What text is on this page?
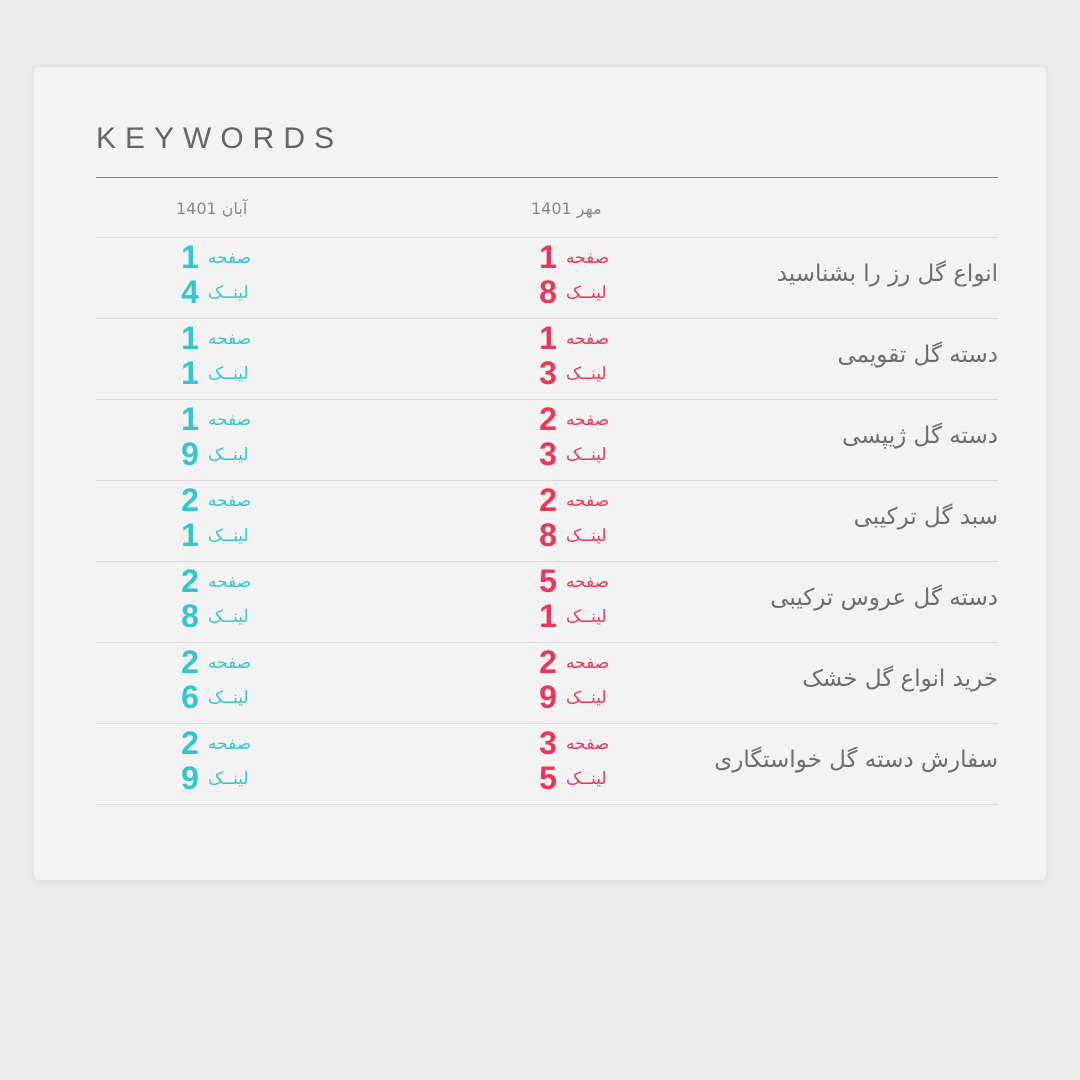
KEYWORDS
مهر 1401
آبان 1401
انواع گل رز را بشناسید
1 صفحه
8 لینــک
1 صفحه
4 لینــک
دسته گل تقویمی
1 صفحه
3 لینــک
1 صفحه
1 لینــک
دسته گل ژیپسی
2 صفحه
3 لینــک
1 صفحه
9 لینــک
سبد گل ترکیبی
2 صفحه
8 لینــک
2 صفحه
1 لینــک
دسته گل عروس ترکیبی
5 صفحه
1 لینــک
2 صفحه
8 لینــک
خرید انواع گل خشک
2 صفحه
9 لینــک
2 صفحه
6 لینــک
سفارش دسته گل خواستگاری
3 صفحه
5 لینــک
2 صفحه
9 لینــک
